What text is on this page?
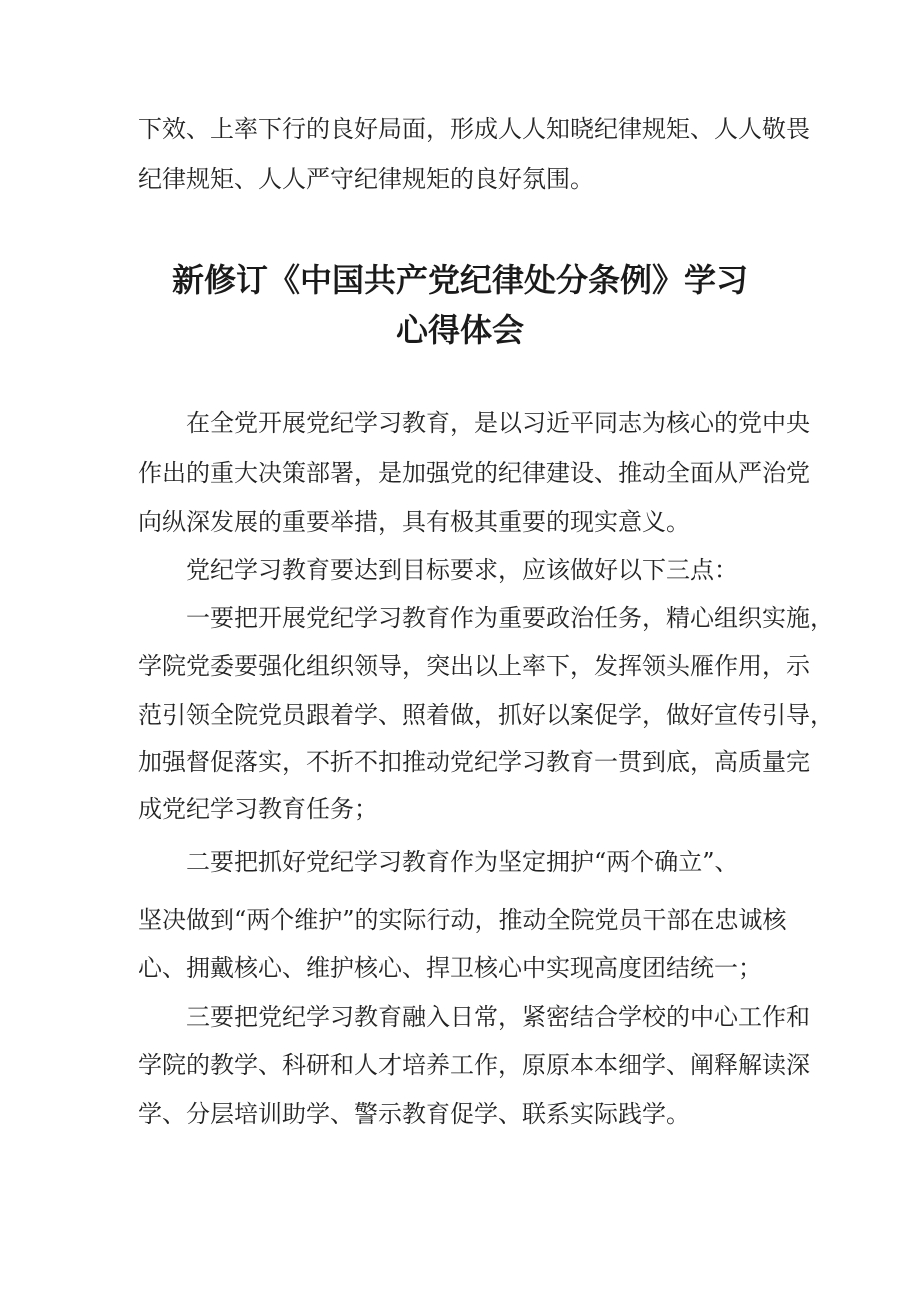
下效、上率下行的良好局面，形成人人知晓纪律规矩、人人敬畏

纪律规矩、人人严守纪律规矩的良好氛围。

新修订《中国共产党纪律处分条例》学习
心得体会

在全党开展党纪学习教育，是以习近平同志为核心的党中央

作出的重大决策部署，是加强党的纪律建设、推动全面从严治党

向纵深发展的重要举措，具有极其重要的现实意义。

党纪学习教育要达到目标要求，应该做好以下三点：

一要把开展党纪学习教育作为重要政治任务，精心组织实施，

学院党委要强化组织领导，突出以上率下，发挥领头雁作用，示

范引领全院党员跟着学、照着做，抓好以案促学，做好宣传引导，

加强督促落实，不折不扣推动党纪学习教育一贯到底，高质量完

成党纪学习教育任务；

二要把抓好党纪学习教育作为坚定拥护“两个确立”、

坚决做到“两个维护”的实际行动，推动全院党员干部在忠诚核

心、拥戴核心、维护核心、捍卫核心中实现高度团结统一；

三要把党纪学习教育融入日常，紧密结合学校的中心工作和

学院的教学、科研和人才培养工作，原原本本细学、阐释解读深

学、分层培训助学、警示教育促学、联系实际践学。
